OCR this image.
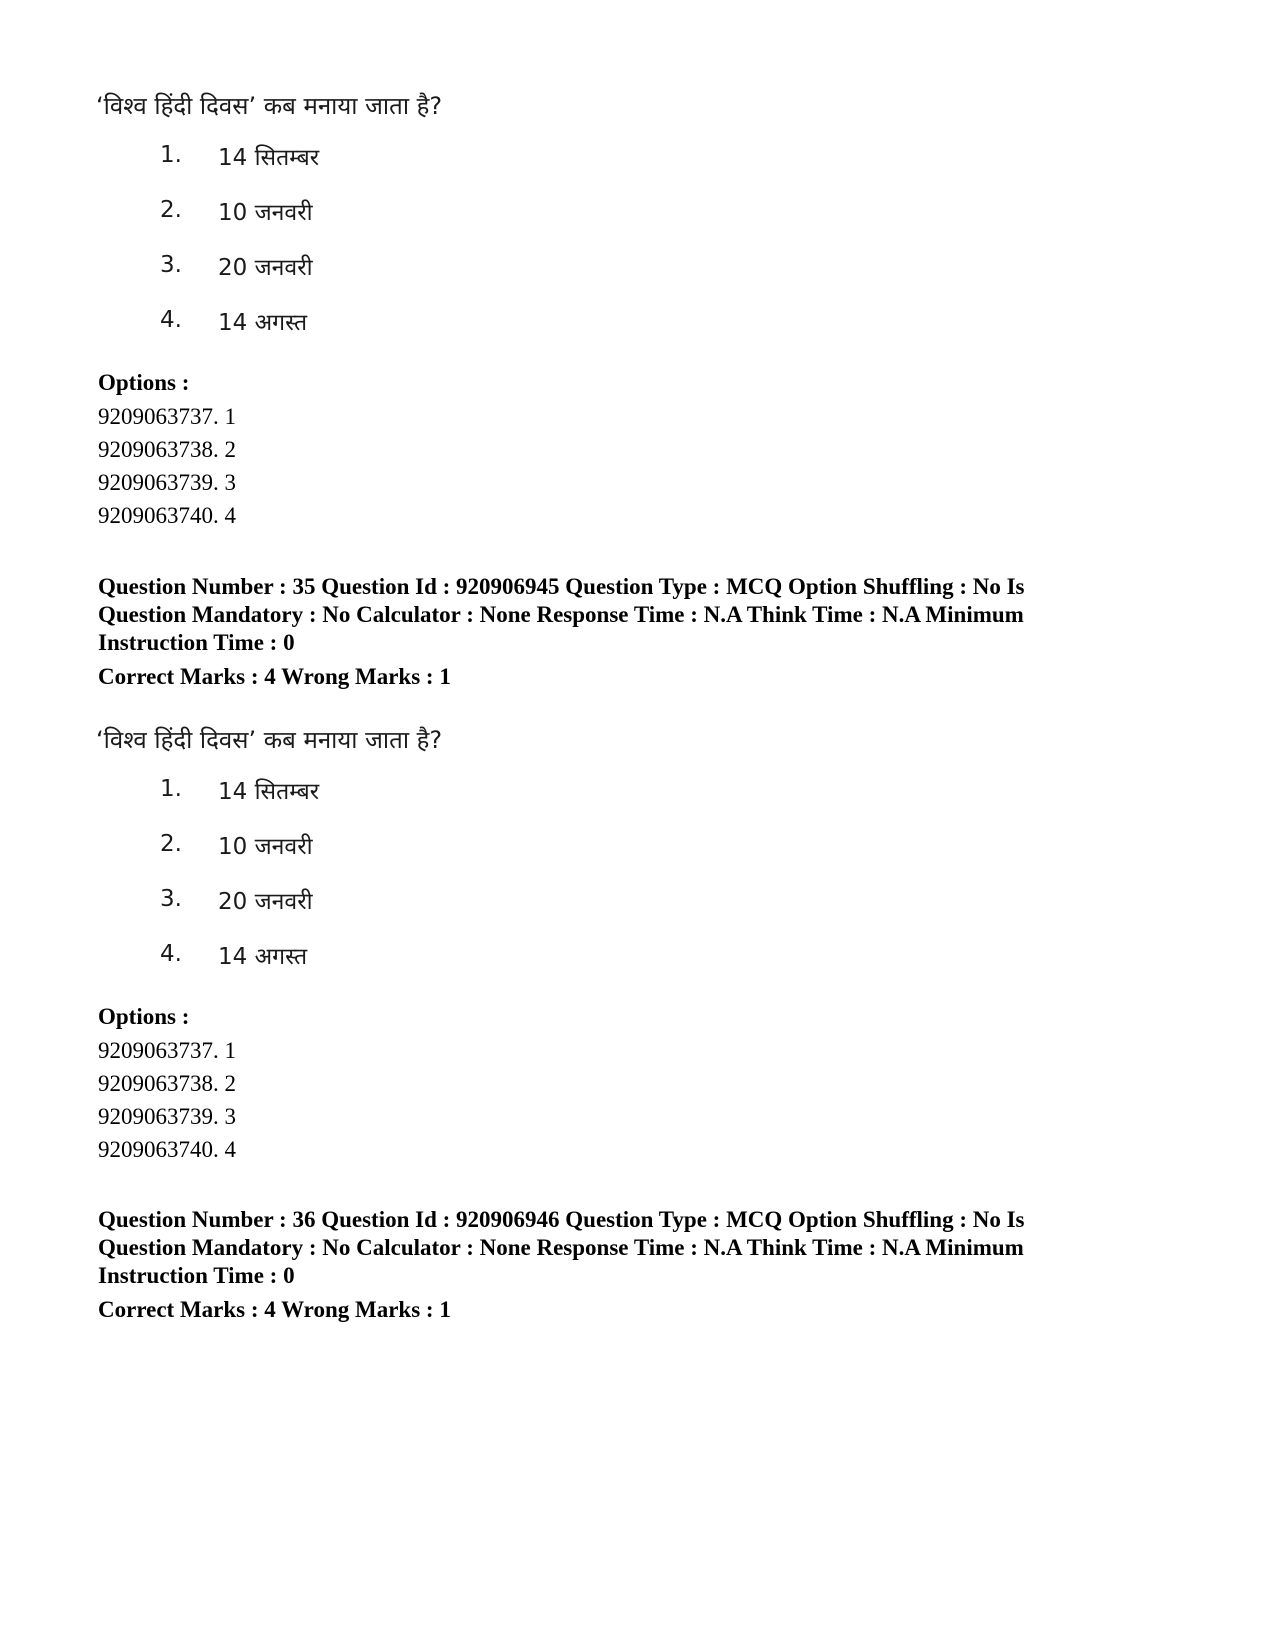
‘विश्व हिंदी दिवस’ कब मनाया जाता है?

1. 14 सितम्बर
2. 10 जनवरी
3. 20 जनवरी
4. 14 अगस्त
Options :
9209063737. 1
9209063738. 2
9209063739. 3
9209063740. 4
Question Number : 35 Question Id : 920906945 Question Type : MCQ Option Shuffling : No Is Question Mandatory : No Calculator : None Response Time : N.A Think Time : N.A Minimum Instruction Time : 0
Correct Marks : 4 Wrong Marks : 1

‘विश्व हिंदी दिवस’ कब मनाया जाता है?

1. 14 सितम्बर
2. 10 जनवरी
3. 20 जनवरी
4. 14 अगस्त
Options :
9209063737. 1
9209063738. 2
9209063739. 3
9209063740. 4
Question Number : 36 Question Id : 920906946 Question Type : MCQ Option Shuffling : No Is Question Mandatory : No Calculator : None Response Time : N.A Think Time : N.A Minimum Instruction Time : 0
Correct Marks : 4 Wrong Marks : 1
